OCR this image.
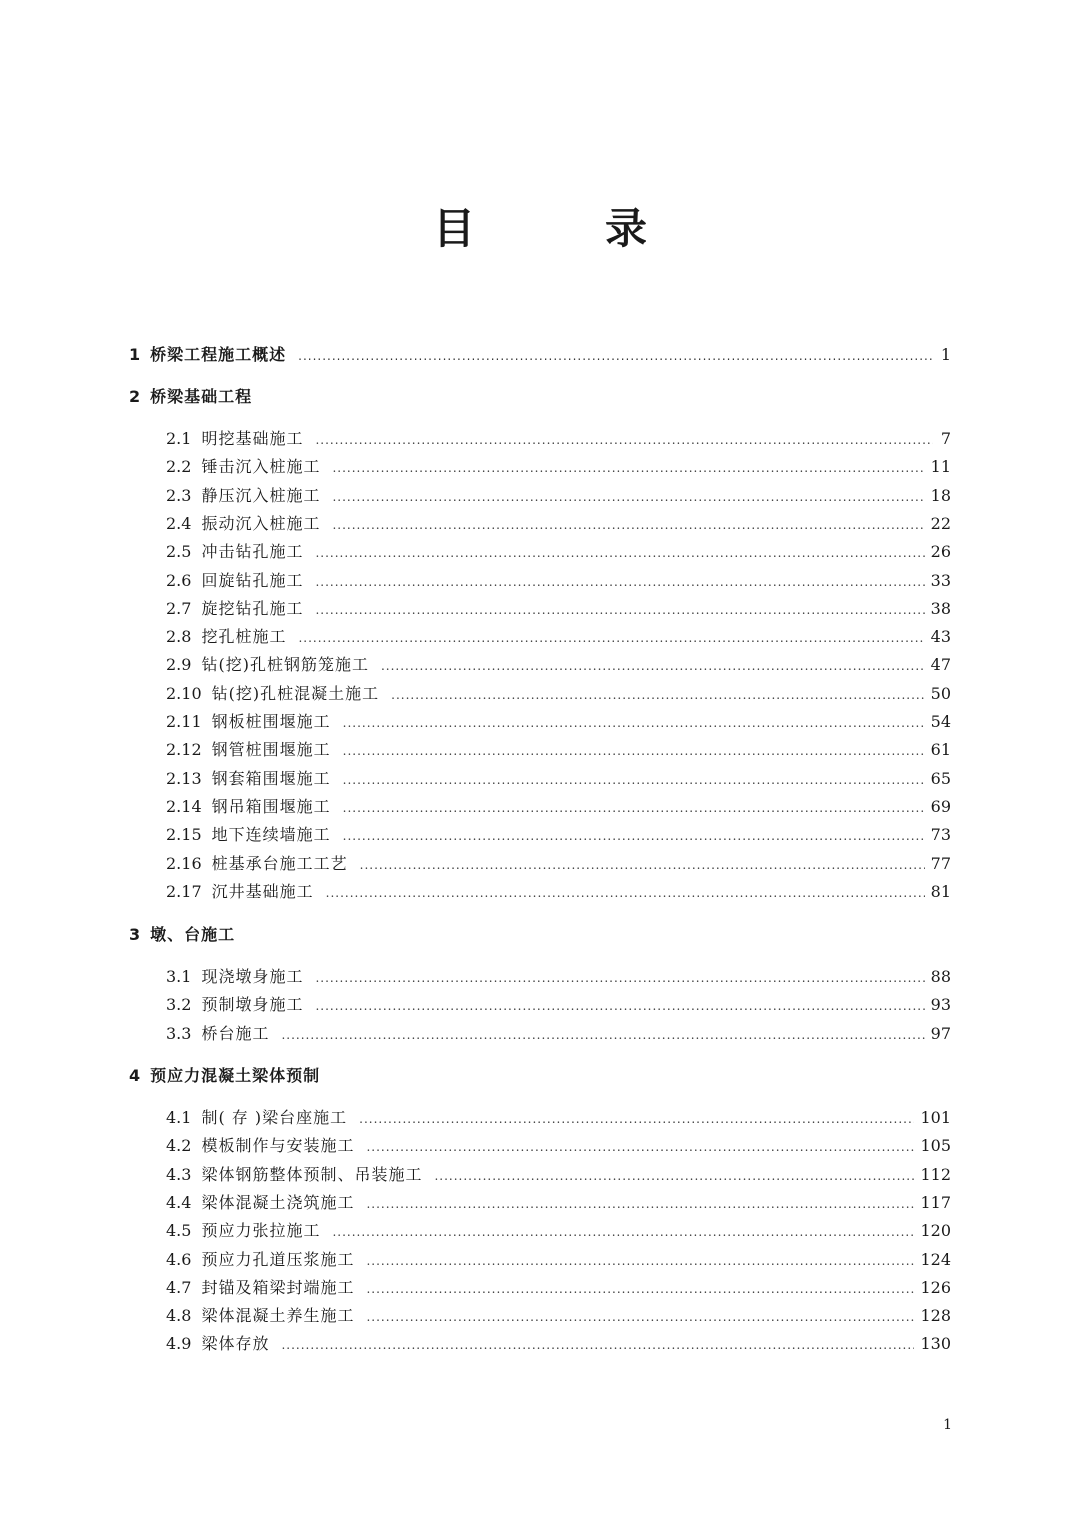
目　录
1 桥梁工程施工概述 .....	1
2 桥梁基础工程
2.1 明挖基础施工 .....	7
2.2 锤击沉入桩施工 .....	11
2.3 静压沉入桩施工 .....	18
2.4 振动沉入桩施工 .....	22
2.5 冲击钻孔施工 .....	26
2.6 回旋钻孔施工 .....	33
2.7 旋挖钻孔施工 .....	38
2.8 挖孔桩施工 .....	43
2.9 钻(挖)孔桩钢筋笼施工 .....	47
2.10 钻(挖)孔桩混凝土施工 .....	50
2.11 钢板桩围堰施工 .....	54
2.12 钢管桩围堰施工 .....	61
2.13 钢套箱围堰施工 .....	65
2.14 钢吊箱围堰施工 .....	69
2.15 地下连续墙施工 .....	73
2.16 桩基承台施工工艺 .....	77
2.17 沉井基础施工 .....	81
3 墩、台施工
3.1 现浇墩身施工 .....	88
3.2 预制墩身施工 .....	93
3.3 桥台施工 .....	97
4 预应力混凝土梁体预制
4.1 制( 存 )梁台座施工 .....	101
4.2 模板制作与安装施工 .....	105
4.3 梁体钢筋整体预制、吊装施工 .....	112
4.4 梁体混凝土浇筑施工 .....	117
4.5 预应力张拉施工 .....	120
4.6 预应力孔道压浆施工 .....	124
4.7 封锚及箱梁封端施工 .....	126
4.8 梁体混凝土养生施工 .....	128
4.9 梁体存放 .....	130
1
